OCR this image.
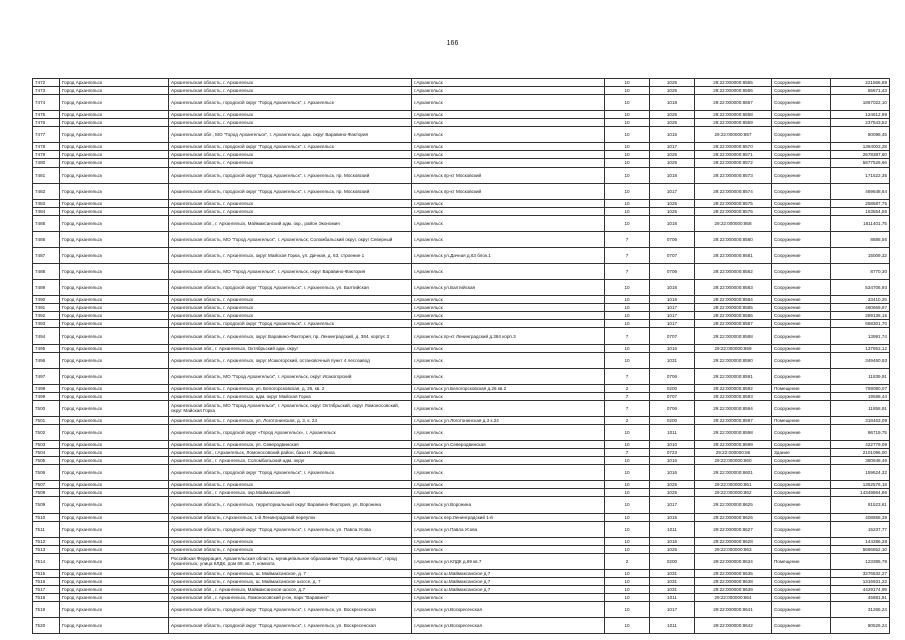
166
7472	Город Архангельск	Архангельская область, г. Архангельск	г.Архангельск	10	1025	29:22:000000:8565	Сооружение	221566,89
7473	Город Архангельск	Архангельская область, г. Архангельск	г.Архангельск	10	1025	29:22:000000:8566	Сооружение	85671,43
7474	Город Архангельск	Архангельская область, городской округ "Город Архангельск", г. Архангельск	г.Архангельск	10	1018	29:22:000000:8567	Сооружение	1867022,10
7475	Город Архангельск	Архангельская область, г. Архангельск	г.Архангельск	10	1025	29:22:000000:8568	Сооружение	124612,99
7476	Город Архангельск	Архангельская область, г. Архангельск	г.Архангельск	10	1025	29:22:000000:8569	Сооружение	237543,52
7477	Город Архангельск	Архангельская обл., МО "Город Архангельск", г. Архангельск, адм. округ Варавино-Фактория	г.Архангельск	10	1015	29:22:000000:857	Сооружение	80098,45
7478	Город Архангельск	Архангельская область, городской округ "Город Архангельск", г. Архангельск	г.Архангельск	10	1017	29:22:000000:8570	Сооружение	1384003,28
7479	Город Архангельск	Архангельская область, г. Архангельск	г.Архангельск	10	1025	29:22:000000:8571	Сооружение	2678387,60
7480	Город Архангельск	Архангельская область, г. Архангельск	г.Архангельск	10	1025	29:22:000000:8572	Сооружение	5877526,66
7481	Город Архангельск	Архангельская область, городской округ "Город Архангельск", г. Архангельск, пр. Московский	г.Архангельск пр-кт Московский	10	1018	29:22:000000:8573	Сооружение	171522,35
7482	Город Архангельск	Архангельская область, городской округ "Город Архангельск", г. Архангельск, пр. Московский	г.Архангельск пр-кт Московский	10	1017	29:22:000000:8574	Сооружение	469648,64
7483	Город Архангельск	Архангельская область, г. Архангельск	г.Архангельск	10	1025	29:22:000000:8575	Сооружение	258687,75
7484	Город Архангельск	Архангельская область, г. Архангельск	г.Архангельск	10	1025	29:22:000000:8576	Сооружение	163554,55
7485	Город Архангельск	Архангельская обл., г. Архангельск, Маймаксанский адм. окр., район Экономия	г.Архангельск	10	1016	29:22:000000:858	Сооружение	1811401,75
7486	Город Архангельск	Архангельская область, МО "Город Архангельск", г. Архангельск, Соломбальский округ, округ Северный	г.Архангельск	7	0706	29:22:000000:8580	Сооружение	8888,56
7487	Город Архангельск	Архангельская область, г. Архангельск, округ Майская Горка, ул. Дачная, д. 63, строение 1	г.Архангельск ул.Дачная д.63 блок.1	7	0707	29:22:000000:8581	Сооружение	15009,32
7488	Город Архангельск	Архангельская область, МО "Город Архангельск", г. Архангельск, округ Варавино-Фактория	г.Архангельск	7	0706	29:22:000000:8582	Сооружение	8770,30
7489	Город Архангельск	Архангельская область, городской округ "Город Архангельск", г. Архангельск, ул. Балтийская	г.Архангельск ул.Балтийская	10	1016	29:22:000000:8583	Сооружение	534706,93
7490	Город Архангельск	Архангельская область, г. Архангельск	г.Архангельск	10	1016	29:22:000000:8584	Сооружение	33410,25
7491	Город Архангельск	Архангельская область, г. Архангельск	г.Архангельск	10	1017	29:22:000000:8585	Сооружение	460669,87
7492	Город Архангельск	Архангельская область, г. Архангельск	г.Архангельск	10	1017	29:22:000000:8586	Сооружение	289136,15
7493	Город Архангельск	Архангельская область, городской округ "Город Архангельск", г. Архангельск	г.Архангельск	10	1017	29:22:000000:8587	Сооружение	668301,70
7494	Город Архангельск	Архангельская область, г. Архангельск, округ Варавино-Фактория, пр. Ленинградский, д. 384, корпус 3	г.Архангельск пр-кт Ленинградский д.384 корп.3	7	0707	29:22:000000:8588	Сооружение	13991,74
7495	Город Архангельск	Архангельская обл., г. Архангельск, Октябрьский адм. округ	г.Архангельск	10	1016	29:22:000000:859	Сооружение	137853,12
7496	Город Архангельск	Архангельская область, г. Архангельск, округ Исакогорский, остановочный пункт 4 лесозавод	г.Архангельск	10	1031	29:22:000000:8590	Сооружение	349460,93
7497	Город Архангельск	Архангельская область, МО "Город Архангельск", г. Архангельск, округ Исакогорский	г.Архангельск	7	0706	29:22:000000:8591	Сооружение	11839,91
7498	Город Архангельск	Архангельская область, г. Архангельск, ул. Белогорсковская, д. 26, кв. 2	г.Архангельск ул.Белогорсковская д.26 кв.2	2	0200	29:22:000000:8592	Помещение	759080,07
7499	Город Архангельск	Архангельская область, г. Архангельск, адм. округ Майская Горка	г.Архангельск	7	0707	29:22:000000:8593	Сооружение	19588,44
7500	Город Архангельск	Архангельская область, МО "Город Архангельск", г. Архангельск, округ Октябрьский, округ Ломоносовский, округ Майская Горка	г.Архангельск	7	0706	29:22:000000:8594	Сооружение	11858,91
7501	Город Архангельск	Архангельская область, г. Архангельск, ул. Логотонинская, д. 3, к. 24	г.Архангельск ул.Логотонинская д.3 к.24	2	0200	29:22:000000:8597	Помещение	318463,09
7502	Город Архангельск	Архангельская область, городской округ «Город Архангельск», г. Архангельск	г.Архангельск	10	1011	29:22:000000:8598	Сооружение	96719,75
7503	Город Архангельск	Архангельская область, г. Архангельск, ул. Северодвинская	г.Архангельск ул.Северодвинская	10	1010	29:22:000000:8599	Сооружение	422779,09
7504	Город Архангельск	Архангельская обл., г.Архангельск, Ломоносовский район, база Н. Жаровиха	г.Архангельск	7	0723	29:22:000000:86	Здание	2101096,00
7505	Город Архангельск	Архангельская обл., г. Архангельск, Соломбальский адм. округ	г.Архангельск	10	1016	29:22:000000:860	Сооружение	380648,46
7506	Город Архангельск	Архангельская область, городской округ "Город Архангельск", г. Архангельск	г.Архангельск	10	1016	29:22:000000:8601	Сооружение	159624,32
7507	Город Архангельск	Архангельская область, г. Архангельск	г.Архангельск	10	1025	29:22:000000:861	Сооружение	1352576,18
7508	Город Архангельск	Архангельская обл., г. Архангельск, окр.Маймаксанский	г.Архангельск	10	1025	29:22:000000:862	Сооружение	14349864,86
7509	Город Архангельск	Архангельская область, г. Архангельск, территориальный округ Варавино-Фактория, ул. Воронина	г.Архангельск ул.Воронина	10	1017	29:22:000000:8625	Сооружение	81523,61
7510	Город Архангельск	Архангельская область, г.Архангельск, 1-й Ленинградский переулок	г.Архангельск пер.Ленинградский 1-й	10	1015	29:22:000000:8626	Сооружение	408858,39
7511	Город Архангельск	Архангельская область, городской округ "Город Архангельск", г. Архангельск, ул. Павла Усова	г.Архангельск ул.Павла Усова	10	1011	29:22:000000:8627	Сооружение	15237,77
7512	Город Архангельск	Архангельская область, г. Архангельск	г.Архангельск	10	1016	29:22:000000:8628	Сооружение	144286,28
7513	Город Архангельск	Архангельская область, г. Архангельск	г.Архангельск	10	1025	29:22:000000:863	Сооружение	5686852,10
7514	Город Архангельск	Российская Федерация, Архангельская область, муниципальное образование "Город Архангельск", город Архангельск, улица КЛДК, дом 69, кв. 7, комната	г.Архангельск ул.КЛДК д.69 кв.7	2	0200	29:22:000000:8634	Помещение	123385,79
7515	Город Архангельск	Архангельская область, г. Архангельск, ш. Маймаксанское, д. 7	г.Архангельск ш.Маймаксанское д.7	10	1031	29:22:000000:8635	Сооружение	3276532,27
7516	Город Архангельск	Архангельская область, г. Архангельск, ш. Маймаксанское шоссе, д. 7	г.Архангельск ш.Маймаксанское д.7	10	1031	29:22:000000:8638	Сооружение	1316931,22
7517	Город Архангельск	Архангельская обл., г. Архангельск, Маймаксанское шоссе, д.7	г.Архангельск ш.Маймаксанское д.7	10	1031	29:22:000000:8639	Сооружение	4429174,99
7518	Город Архангельск	Архангельская обл., г. Архангельск, Ломоносовский р-он, парк "Варавино"	г.Архангельск	10	1011	29:22:000000:864	Сооружение	45881,91
7519	Город Архангельск	Архангельская область, городской округ "Город Архангельск", г. Архангельск, ул. Воскресенская	г.Архангельск ул.Воскресенская	10	1017	29:22:000000:8641	Сооружение	31265,24
7520	Город Архангельск	Архангельская область, городской округ "Город Архангельск", г. Архангельск, ул. Воскресенская	г.Архангельск ул.Воскресенская	10	1011	29:22:000000:8642	Сооружение	80526,24
